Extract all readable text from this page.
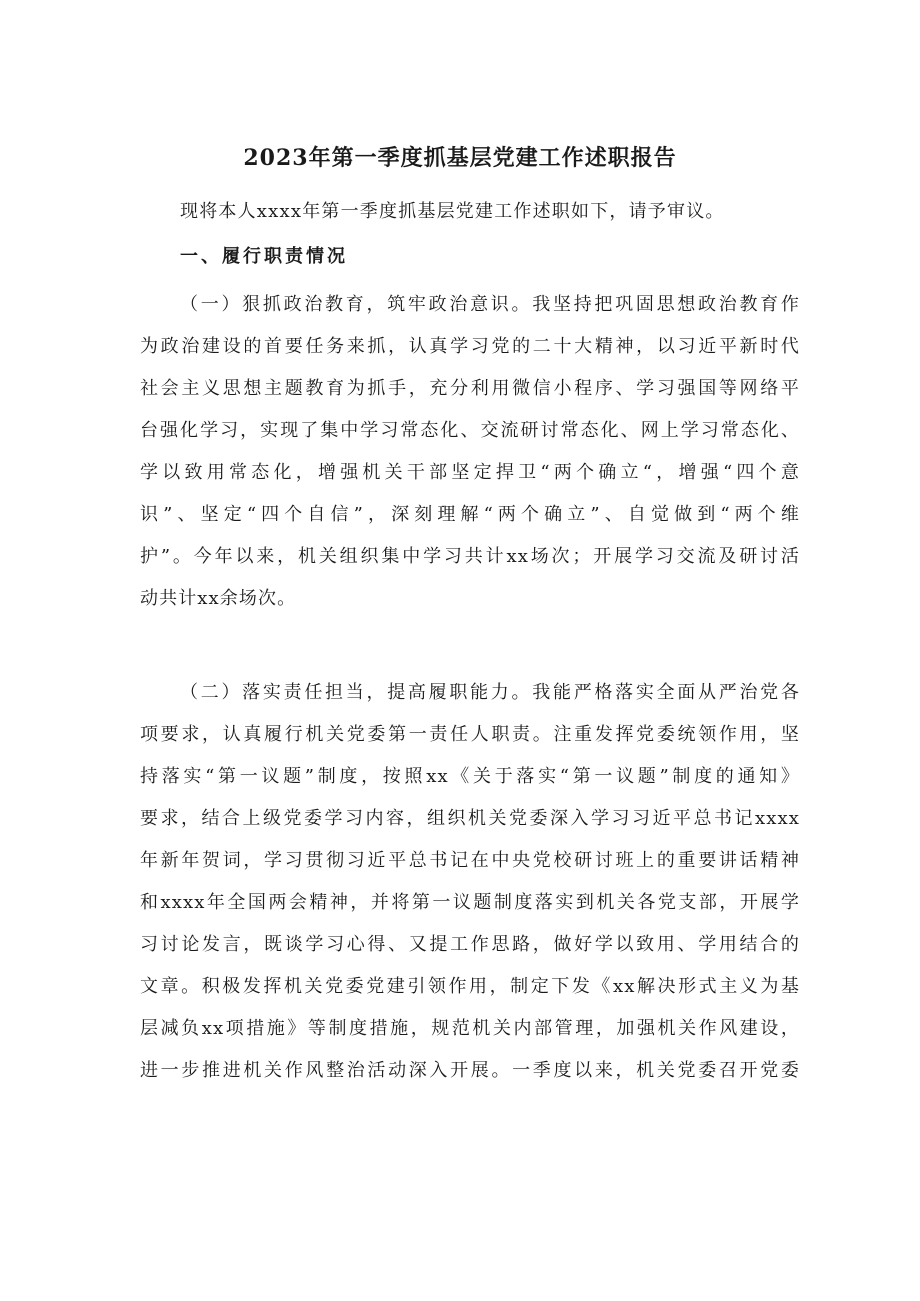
2023年第一季度抓基层党建工作述职报告

现将本人xxxx年第一季度抓基层党建工作述职如下，请予审议。

一、履行职责情况
（一）狠抓政治教育，筑牢政治意识。我坚持把巩固思想政治教育作
为政治建设的首要任务来抓，认真学习党的二十大精神，以习近平新时代
社会主义思想主题教育为抓手，充分利用微信小程序、学习强国等网络平
台强化学习，实现了集中学习常态化、交流研讨常态化、网上学习常态化、
学以致用常态化，增强机关干部坚定捍卫“两个确立“，增强“四个意
识”、坚定“四个自信”，深刻理解“两个确立”、自觉做到“两个维
护”。今年以来，机关组织集中学习共计xx场次；开展学习交流及研讨活
动共计xx余场次。
（二）落实责任担当，提高履职能力。我能严格落实全面从严治党各
项要求，认真履行机关党委第一责任人职责。注重发挥党委统领作用，坚
持落实“第一议题”制度，按照xx《关于落实“第一议题”制度的通知》
要求，结合上级党委学习内容，组织机关党委深入学习习近平总书记xxxx
年新年贺词，学习贯彻习近平总书记在中央党校研讨班上的重要讲话精神
和xxxx年全国两会精神，并将第一议题制度落实到机关各党支部，开展学
习讨论发言，既谈学习心得、又提工作思路，做好学以致用、学用结合的
文章。积极发挥机关党委党建引领作用，制定下发《xx解决形式主义为基
层减负xx项措施》等制度措施，规范机关内部管理，加强机关作风建设，
进一步推进机关作风整治活动深入开展。一季度以来，机关党委召开党委
